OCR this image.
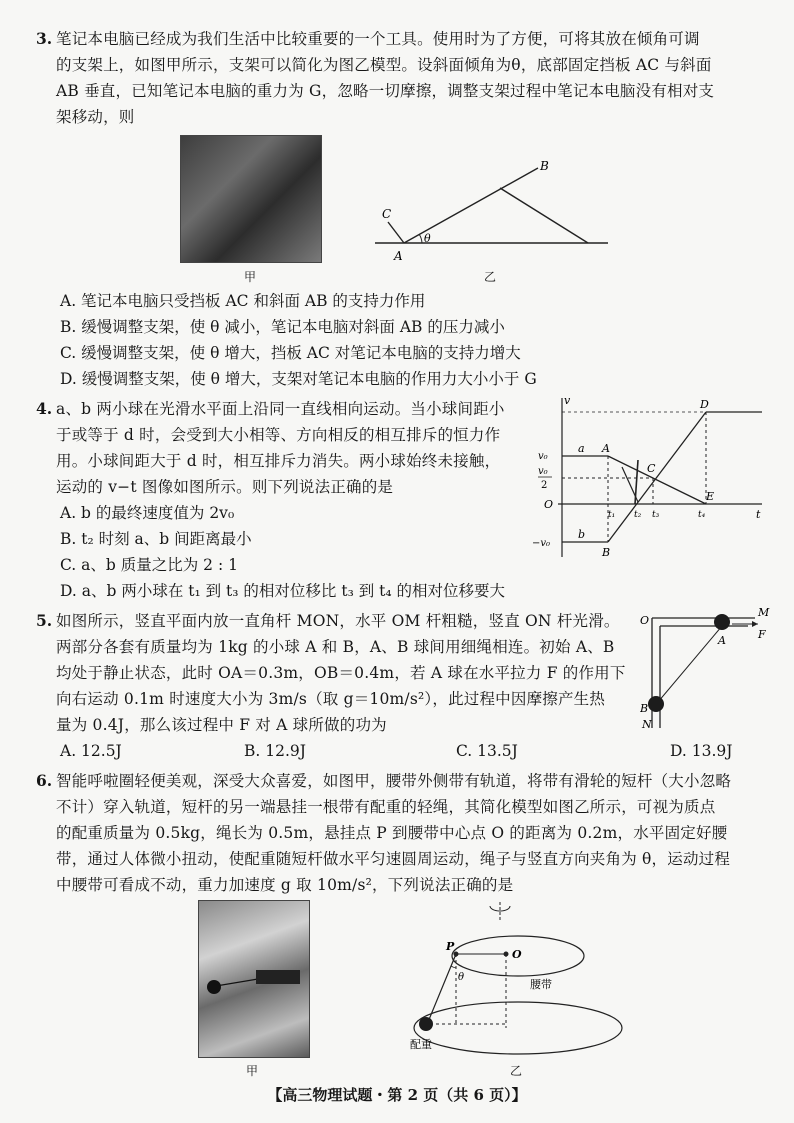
3. 笔记本电脑已经成为我们生活中比较重要的一个工具。使用时为了方便，可将其放在倾角可调
的支架上，如图甲所示，支架可以简化为图乙模型。设斜面倾角为θ，底部固定挡板 AC 与斜面
AB 垂直，已知笔记本电脑的重力为 G，忽略一切摩擦，调整支架过程中笔记本电脑没有相对支
架移动，则
甲
C
A
B
θ
乙
A. 笔记本电脑只受挡板 AC 和斜面 AB 的支持力作用
B. 缓慢调整支架，使 θ 减小，笔记本电脑对斜面 AB 的压力减小
C. 缓慢调整支架，使 θ 增大，挡板 AC 对笔记本电脑的支持力增大
D. 缓慢调整支架，使 θ 增大，支架对笔记本电脑的作用力大小小于 G
4. a、b 两小球在光滑水平面上沿同一直线相向运动。当小球间距小
于或等于 d 时，会受到大小相等、方向相反的相互排斥的恒力作
用。小球间距大于 d 时，相互排斥力消失。两小球始终未接触，
运动的 v−t 图像如图所示。则下列说法正确的是
A. b 的最终速度值为 2v₀
B. t₂ 时刻 a、b 间距离最小
C. a、b 质量之比为 2 : 1
D. a、b 两小球在 t₁ 到 t₃ 的相对位移比 t₃ 到 t₄ 的相对位移要大
v
t
O
v₀
v₀
2
−v₀
a
b
A
B
C
D
E
t₁ t₂ t₃	t₄
5. 如图所示，竖直平面内放一直角杆 MON，水平 OM 杆粗糙，竖直 ON 杆光滑。
两部分各套有质量均为 1kg 的小球 A 和 B，A、B 球间用细绳相连。初始 A、B
均处于静止状态，此时 OA＝0.3m，OB＝0.4m，若 A 球在水平拉力 F 的作用下
向右运动 0.1m 时速度大小为 3m/s（取 g＝10m/s²），此过程中因摩擦产生热
量为 0.4J，那么该过程中 F 对 A 球所做的功为
A. 12.5J	B. 12.9J	C. 13.5J	D. 13.9J
O
M
F
A
B
N
6. 智能呼啦圈轻便美观，深受大众喜爱，如图甲，腰带外侧带有轨道，将带有滑轮的短杆（大小忽略
不计）穿入轨道，短杆的另一端悬挂一根带有配重的轻绳，其简化模型如图乙所示，可视为质点
的配重质量为 0.5kg，绳长为 0.5m，悬挂点 P 到腰带中心点 O 的距离为 0.2m，水平固定好腰
带，通过人体微小扭动，使配重随短杆做水平匀速圆周运动，绳子与竖直方向夹角为 θ，运动过程
中腰带可看成不动，重力加速度 g 取 10m/s²，下列说法正确的是
甲
P
O
θ
腰带
配重
乙
【高三物理试题・第 2 页（共 6 页）】
